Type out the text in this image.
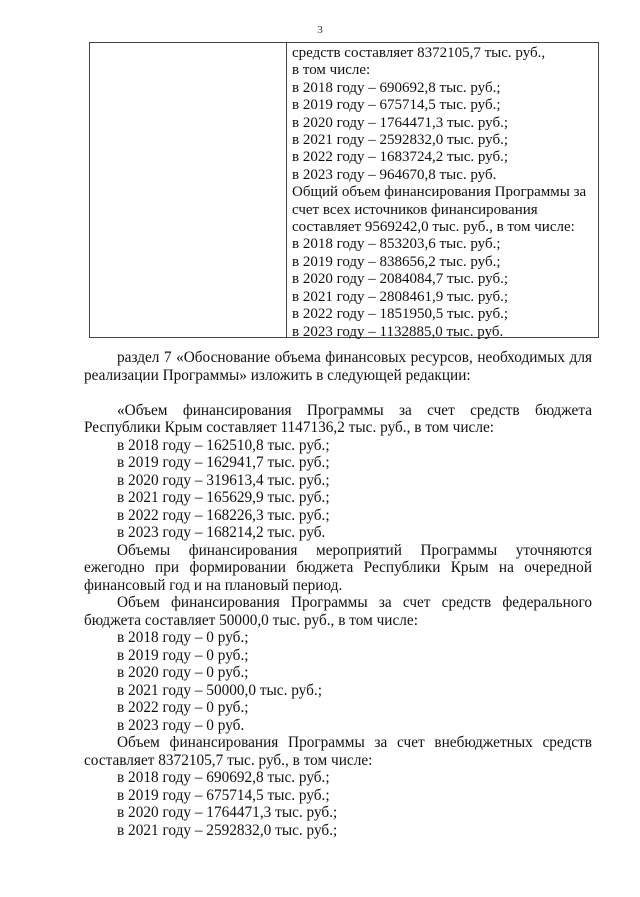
3
средств составляет 8372105,7 тыс. руб.,
в том числе:
в 2018 году – 690692,8 тыс. руб.;
в 2019 году – 675714,5 тыс. руб.;
в 2020 году – 1764471,3 тыс. руб.;
в 2021 году – 2592832,0 тыс. руб.;
в 2022 году – 1683724,2 тыс. руб.;
в 2023 году – 964670,8 тыс. руб.
Общий объем финансирования Программы за
счет всех источников финансирования
составляет 9569242,0 тыс. руб., в том числе:
в 2018 году – 853203,6 тыс. руб.;
в 2019 году – 838656,2 тыс. руб.;
в 2020 году – 2084084,7 тыс. руб.;
в 2021 году – 2808461,9 тыс. руб.;
в 2022 году – 1851950,5 тыс. руб.;
в 2023 году – 1132885,0 тыс. руб.
раздел 7 «Обоснование объема финансовых ресурсов, необходимых для реализации Программы» изложить в следующей редакции:
«Объем финансирования Программы за счет средств бюджета Республики Крым составляет 1147136,2 тыс. руб., в том числе:
в 2018 году – 162510,8 тыс. руб.;
в 2019 году – 162941,7 тыс. руб.;
в 2020 году – 319613,4 тыс. руб.;
в 2021 году – 165629,9 тыс. руб.;
в 2022 году – 168226,3 тыс. руб.;
в 2023 году – 168214,2 тыс. руб.
Объемы финансирования мероприятий Программы уточняются ежегодно при формировании бюджета Республики Крым на очередной финансовый год и на плановый период.
Объем финансирования Программы за счет средств федерального бюджета составляет 50000,0 тыс. руб., в том числе:
в 2018 году – 0 руб.;
в 2019 году – 0 руб.;
в 2020 году – 0 руб.;
в 2021 году – 50000,0 тыс. руб.;
в 2022 году – 0 руб.;
в 2023 году – 0 руб.
Объем финансирования Программы за счет внебюджетных средств составляет 8372105,7 тыс. руб., в том числе:
в 2018 году – 690692,8 тыс. руб.;
в 2019 году – 675714,5 тыс. руб.;
в 2020 году – 1764471,3 тыс. руб.;
в 2021 году – 2592832,0 тыс. руб.;
